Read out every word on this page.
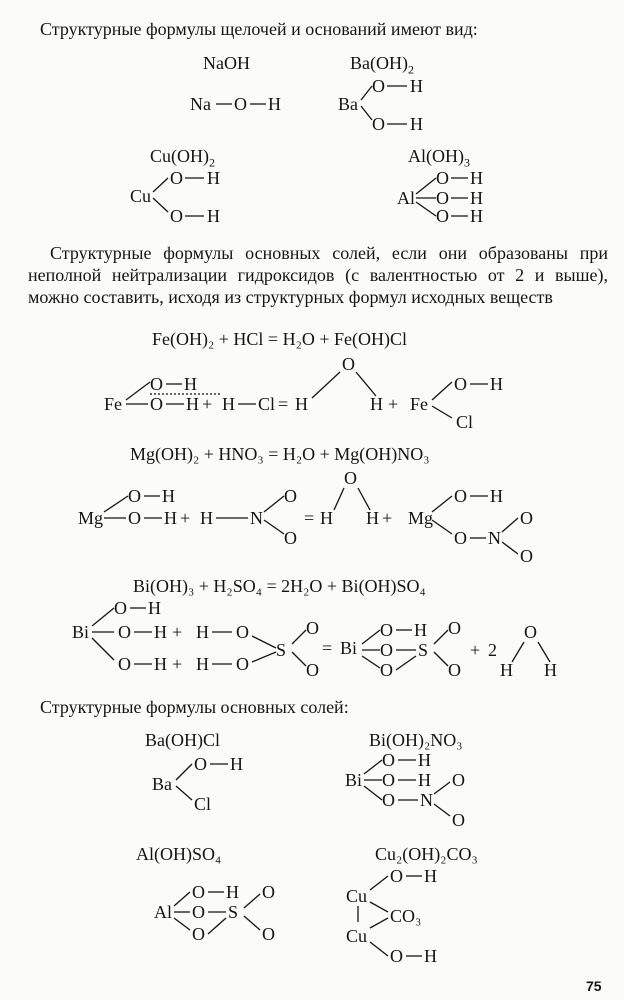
Структурные формулы щелочей и оснований имеют вид:
NaOH	$Ba(OH)_2$
$Cu(OH)_2$	$Al(OH)_3$
Na O H	Ba
O H
O H
Cu
O H
O H
Al
O H
O H
O H
Fe(OH)₂ + HCl = H₂O + Fe(OH)Cl
Fe
O H
O H + H Cl = H
O
H + Fe
O H
Cl
Mg(OH)₂ + HNO₃ = H₂O + Mg(OH)NO₃
Mg
O H
O H + H N
O
O
= H
O
H + Mg
O H
O N
O
O
Bi(OH)₃ + H₂SO₄ = 2H₂O + Bi(OH)SO₄
Bi
O H
O H + H O
O H + H O
S
O
O
= Bi
O H
O
O
S
O
O
+ 2
H
O
H
Ba(OH)Cl
Ba
O H
Cl
Bi(OH)₂NO₃
Bi
O H
O H
O N
O
O
Al(OH)SO₄
Al
O H
O
O
S
O
O
Cu₂(OH)₂CO₃
Cu
O H
CO₃
Cu
O H
Структурные формулы основных солей, если они образованы при неполной нейтрализации гидроксидов (с валентностью от 2 и выше), можно составить, исходя из структурных формул исходных веществ
Структурные формулы основных солей:
75
